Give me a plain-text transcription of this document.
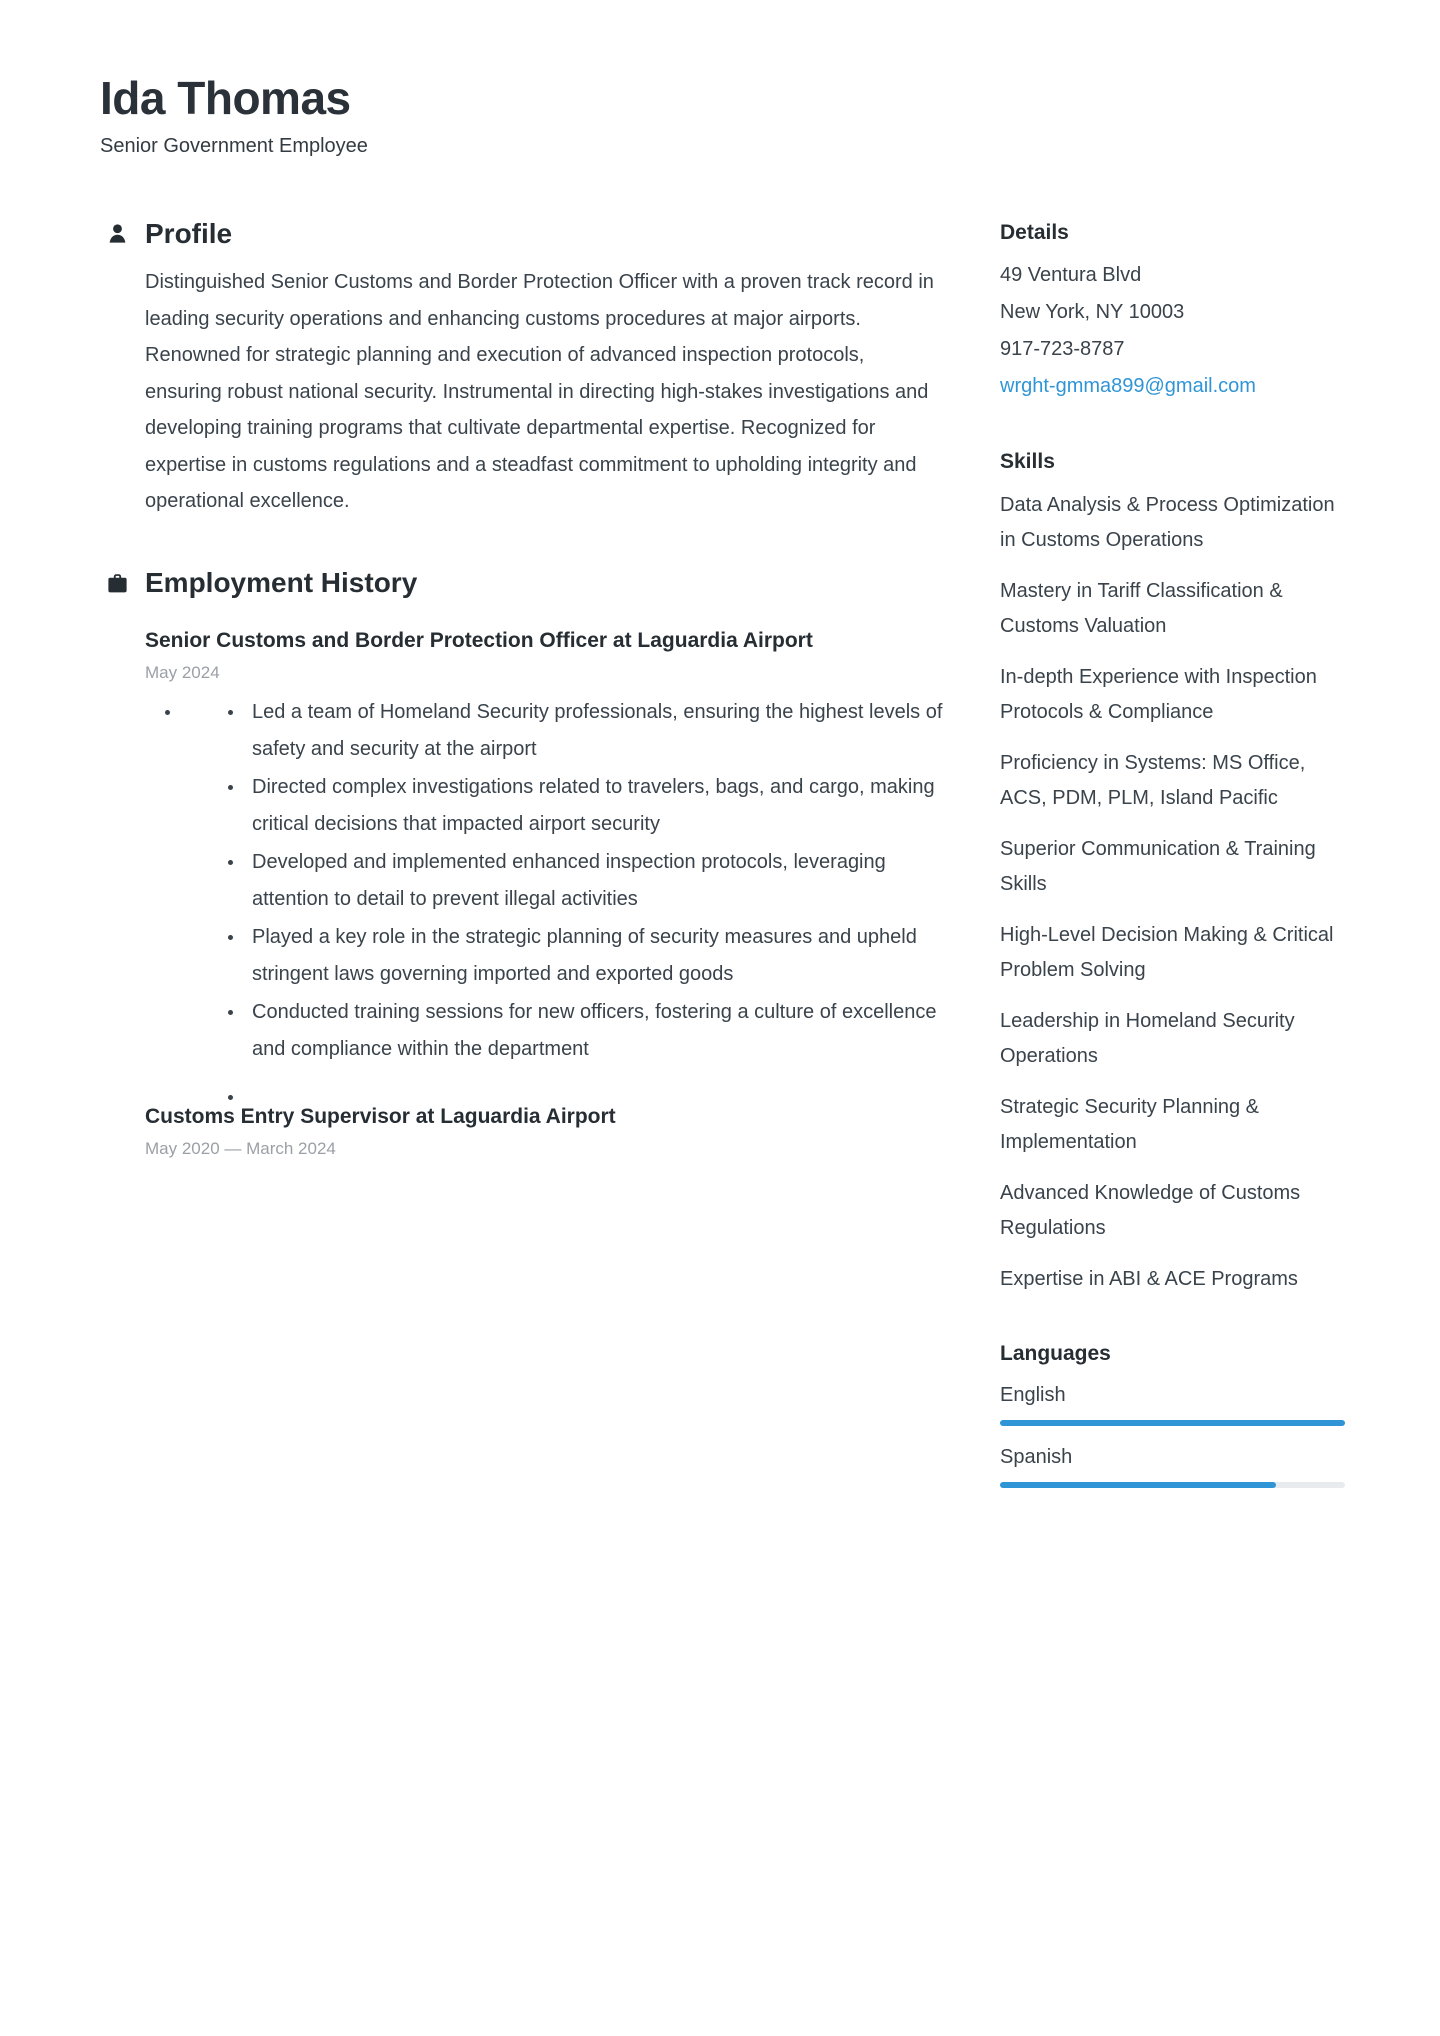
Ida Thomas
Senior Government Employee
Profile

Distinguished Senior Customs and Border Protection Officer with a proven track record in leading security operations and enhancing customs procedures at major airports. Renowned for strategic planning and execution of advanced inspection protocols, ensuring robust national security. Instrumental in directing high-stakes investigations and developing training programs that cultivate departmental expertise. Recognized for expertise in customs regulations and a steadfast commitment to upholding integrity and operational excellence.

Employment History
Senior Customs and Border Protection Officer at Laguardia Airport
May 2024
Led a team of Homeland Security professionals, ensuring the highest levels of safety and security at the airport
Directed complex investigations related to travelers, bags, and cargo, making critical decisions that impacted airport security
Developed and implemented enhanced inspection protocols, leveraging attention to detail to prevent illegal activities
Played a key role in the strategic planning of security measures and upheld stringent laws governing imported and exported goods
Conducted training sessions for new officers, fostering a culture of excellence and compliance within the department
Customs Entry Supervisor at Laguardia Airport
May 2020 — March 2024
Details
49 Ventura Blvd
New York, NY 10003
917-723-8787
wrght-gmma899@gmail.com
Skills
Data Analysis & Process Optimization in Customs Operations
Mastery in Tariff Classification & Customs Valuation
In-depth Experience with Inspection Protocols & Compliance
Proficiency in Systems: MS Office, ACS, PDM, PLM, Island Pacific
Superior Communication & Training Skills
High-Level Decision Making & Critical Problem Solving
Leadership in Homeland Security Operations
Strategic Security Planning & Implementation
Advanced Knowledge of Customs Regulations
Expertise in ABI & ACE Programs
Languages
English
Spanish
